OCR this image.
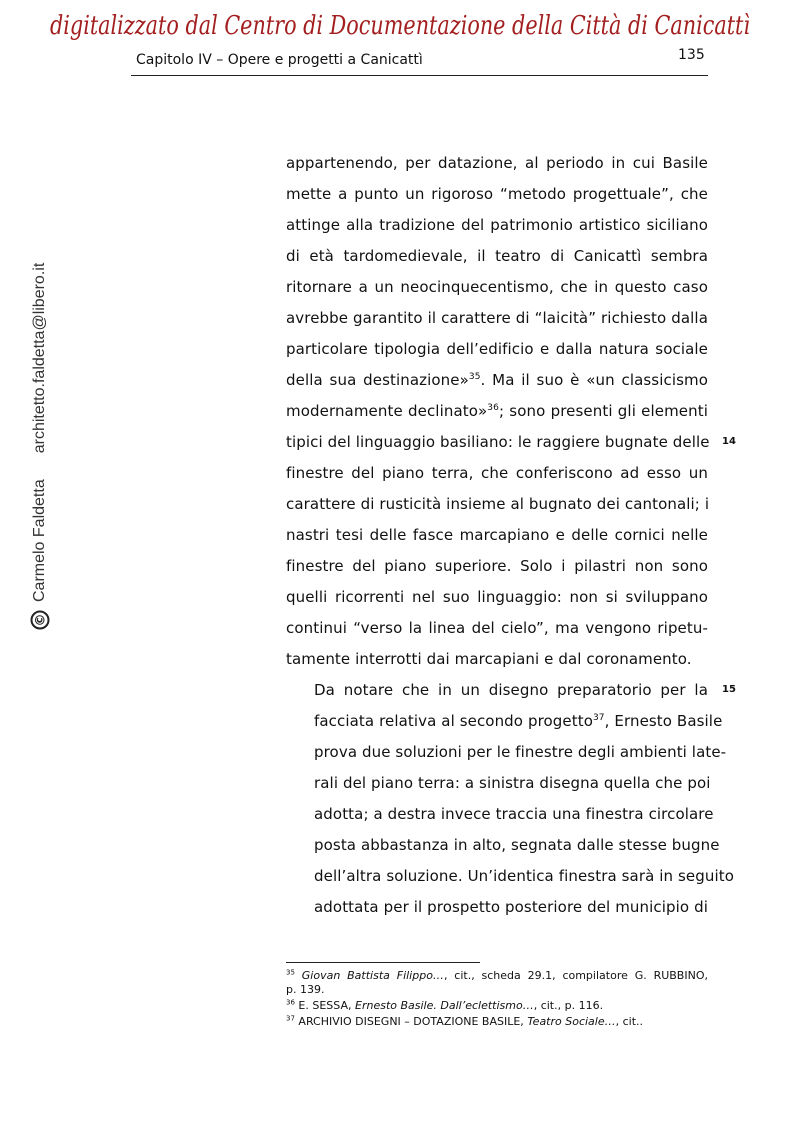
digitalizzato dal Centro di Documentazione della Città di Canicattì
Capitolo IV – Opere e progetti a Canicattì	135
©
Carmelo Faldetta
architetto.faldetta@libero.it

appartenendo, per datazione, al periodo in cui Basile
mette a punto un rigoroso “metodo progettuale”, che
attinge alla tradizione del patrimonio artistico siciliano
di età tardomedievale, il teatro di Canicattì sembra
ritornare a un neocinquecentismo, che in questo caso
avrebbe garantito il carattere di “laicità” richiesto dalla
particolare tipologia dell’edificio e dalla natura sociale
della sua destinazione»$^{35}$. Ma il suo è «un classicismo
modernamente declinato»$^{36}$; sono presenti gli elementi
tipici del linguaggio basiliano: le raggiere bugnate delle
finestre del piano terra, che conferiscono ad esso un
carattere di rusticità insieme al bugnato dei cantonali; i
nastri tesi delle fasce marcapiano e delle cornici nelle
finestre del piano superiore. Solo i pilastri non sono
quelli ricorrenti nel suo linguaggio: non si sviluppano
continui “verso la linea del cielo”, ma vengono ripetu-
tamente interrotti dai marcapiani e dal coronamento.

Da notare che in un disegno preparatorio per la
facciata relativa al secondo progetto$^{37}$, Ernesto Basile
prova due soluzioni per le finestre degli ambienti late-
rali del piano terra: a sinistra disegna quella che poi
adotta; a destra invece traccia una finestra circolare
posta abbastanza in alto, segnata dalle stesse bugne
dell’altra soluzione. Un’identica finestra sarà in seguito
adottata per il prospetto posteriore del municipio di

14
15

$^{35}$ Giovan Battista Filippo…, cit., scheda 29.1, compilatore G. RUBBINO,
p. 139.

$^{36}$ E. SESSA, Ernesto Basile. Dall’eclettismo…, cit., p. 116.

$^{37}$ ARCHIVIO DISEGNI – DOTAZIONE BASILE, Teatro Sociale…, cit..
